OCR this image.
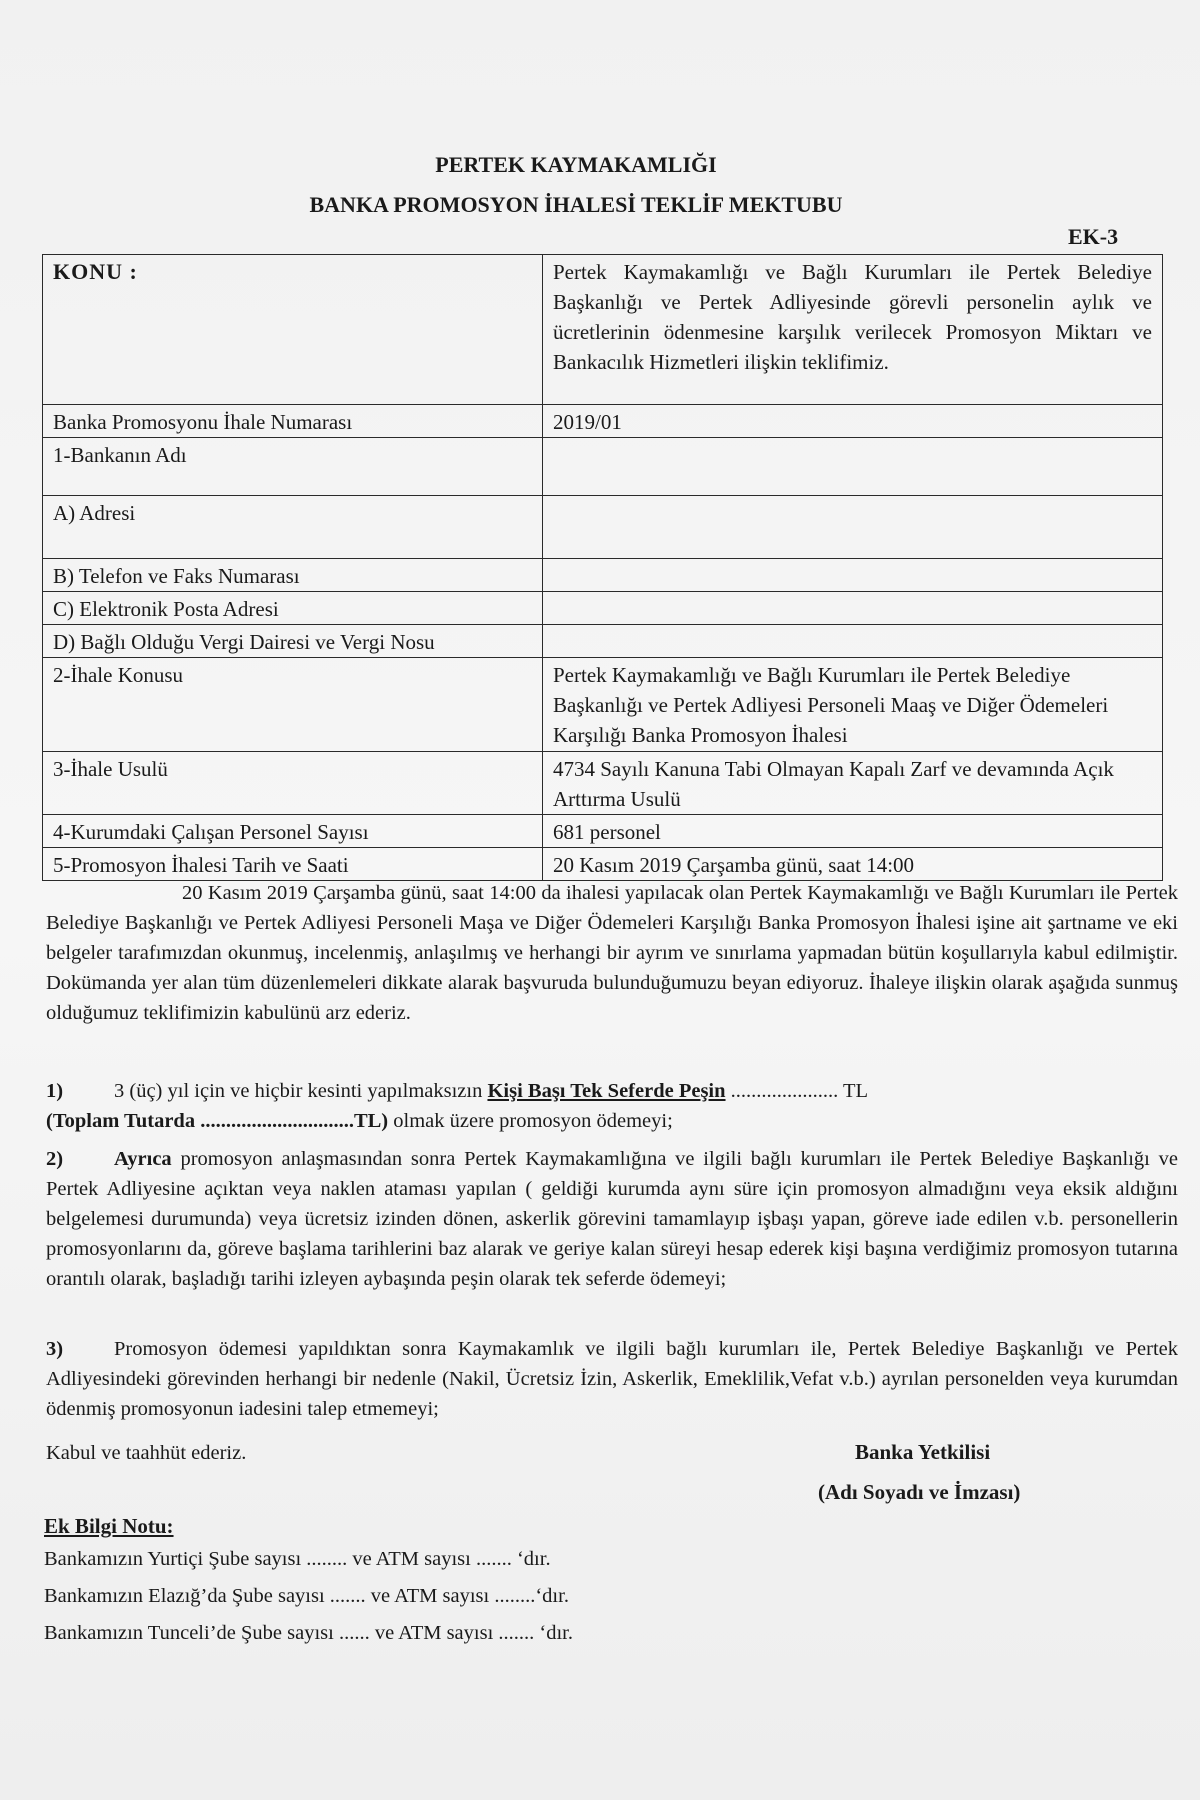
PERTEK KAYMAKAMLIĞI
BANKA PROMOSYON İHALESİ TEKLİF MEKTUBU
EK-3
KONU :	Pertek Kaymakamlığı ve Bağlı Kurumları ile Pertek Belediye Başkanlığı ve Pertek Adliyesinde görevli personelin aylık ve ücretlerinin ödenmesine karşılık verilecek Promosyon Miktarı ve Bankacılık Hizmetleri ilişkin teklifimiz.
Banka Promosyonu İhale Numarası	2019/01
1-Bankanın Adı	
A) Adresi	
B) Telefon ve Faks Numarası	
C) Elektronik Posta Adresi	
D) Bağlı Olduğu Vergi Dairesi ve Vergi Nosu	
2-İhale Konusu	Pertek Kaymakamlığı ve Bağlı Kurumları ile Pertek Belediye Başkanlığı ve Pertek Adliyesi Personeli Maaş ve Diğer Ödemeleri Karşılığı Banka Promosyon İhalesi
3-İhale Usulü	4734 Sayılı Kanuna Tabi Olmayan Kapalı Zarf ve devamında Açık Arttırma Usulü
4-Kurumdaki Çalışan Personel Sayısı	681 personel
5-Promosyon İhalesi Tarih ve Saati	20 Kasım 2019 Çarşamba günü, saat 14:00
20 Kasım 2019 Çarşamba günü, saat 14:00 da ihalesi yapılacak olan Pertek Kaymakamlığı ve Bağlı Kurumları ile Pertek Belediye Başkanlığı ve Pertek Adliyesi Personeli Maşa ve Diğer Ödemeleri Karşılığı Banka Promosyon İhalesi işine ait şartname ve eki belgeler tarafımızdan okunmuş, incelenmiş, anlaşılmış ve herhangi bir ayrım ve sınırlama yapmadan bütün koşullarıyla kabul edilmiştir. Dokümanda yer alan tüm düzenlemeleri dikkate alarak başvuruda bulunduğumuzu beyan ediyoruz. İhaleye ilişkin olarak aşağıda sunmuş olduğumuz teklifimizin kabulünü arz ederiz.
1) 3 (üç) yıl için ve hiçbir kesinti yapılmaksızın Kişi Başı Tek Seferde Peşin ..................... TL
(Toplam Tutarda ..............................TL) olmak üzere promosyon ödemeyi;
2) Ayrıca promosyon anlaşmasından sonra Pertek Kaymakamlığına ve ilgili bağlı kurumları ile Pertek Belediye Başkanlığı ve Pertek Adliyesine açıktan veya naklen ataması yapılan ( geldiği kurumda aynı süre için promosyon almadığını veya eksik aldığını belgelemesi durumunda) veya ücretsiz izinden dönen, askerlik görevini tamamlayıp işbaşı yapan, göreve iade edilen v.b. personellerin promosyonlarını da, göreve başlama tarihlerini baz alarak ve geriye kalan süreyi hesap ederek kişi başına verdiğimiz promosyon tutarına orantılı olarak, başladığı tarihi izleyen aybaşında peşin olarak tek seferde ödemeyi;
3) Promosyon ödemesi yapıldıktan sonra Kaymakamlık ve ilgili bağlı kurumları ile, Pertek Belediye Başkanlığı ve Pertek Adliyesindeki görevinden herhangi bir nedenle (Nakil, Ücretsiz İzin, Askerlik, Emeklilik,Vefat v.b.) ayrılan personelden veya kurumdan ödenmiş promosyonun iadesini talep etmemeyi;
Kabul ve taahhüt ederiz.	Banka Yetkilisi
(Adı Soyadı ve İmzası)
Ek Bilgi Notu:
Bankamızın Yurtiçi Şube sayısı ........ ve ATM sayısı ....... ‘dır.
Bankamızın Elazığ’da Şube sayısı ....... ve ATM sayısı ........‘dır.
Bankamızın Tunceli’de Şube sayısı ...... ve ATM sayısı ....... ‘dır.
